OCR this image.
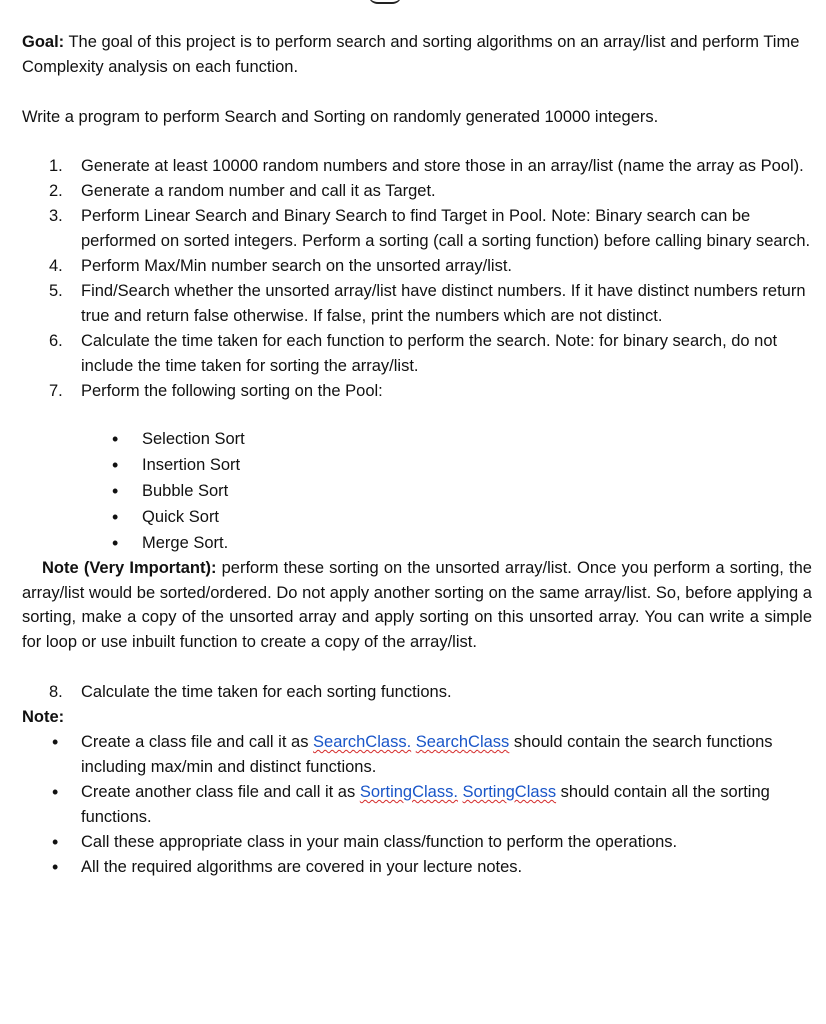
Goal: The goal of this project is to perform search and sorting algorithms on an array/list and perform Time Complexity analysis on each function.

Write a program to perform Search and Sorting on randomly generated 10000 integers.

1. Generate at least 10000 random numbers and store those in an array/list (name the array as Pool).
2. Generate a random number and call it as Target.
3. Perform Linear Search and Binary Search to find Target in Pool. Note: Binary search can be performed on sorted integers. Perform a sorting (call a sorting function) before calling binary search.
4. Perform Max/Min number search on the unsorted array/list.
5. Find/Search whether the unsorted array/list have distinct numbers. If it have distinct numbers return true and return false otherwise. If false, print the numbers which are not distinct.
6. Calculate the time taken for each function to perform the search. Note: for binary search, do not include the time taken for sorting the array/list.
7. Perform the following sorting on the Pool:
• Selection Sort
• Insertion Sort
• Bubble Sort
• Quick Sort
• Merge Sort.

Note (Very Important): perform these sorting on the unsorted array/list. Once you perform a sorting, the array/list would be sorted/ordered. Do not apply another sorting on the same array/list. So, before applying a sorting, make a copy of the unsorted array and apply sorting on this unsorted array. You can write a simple for loop or use inbuilt function to create a copy of the array/list.

8. Calculate the time taken for each sorting functions.

Note:

• Create a class file and call it as SearchClass. SearchClass should contain the search functions including max/min and distinct functions.
• Create another class file and call it as SortingClass. SortingClass should contain all the sorting functions.
• Call these appropriate class in your main class/function to perform the operations.
• All the required algorithms are covered in your lecture notes.
